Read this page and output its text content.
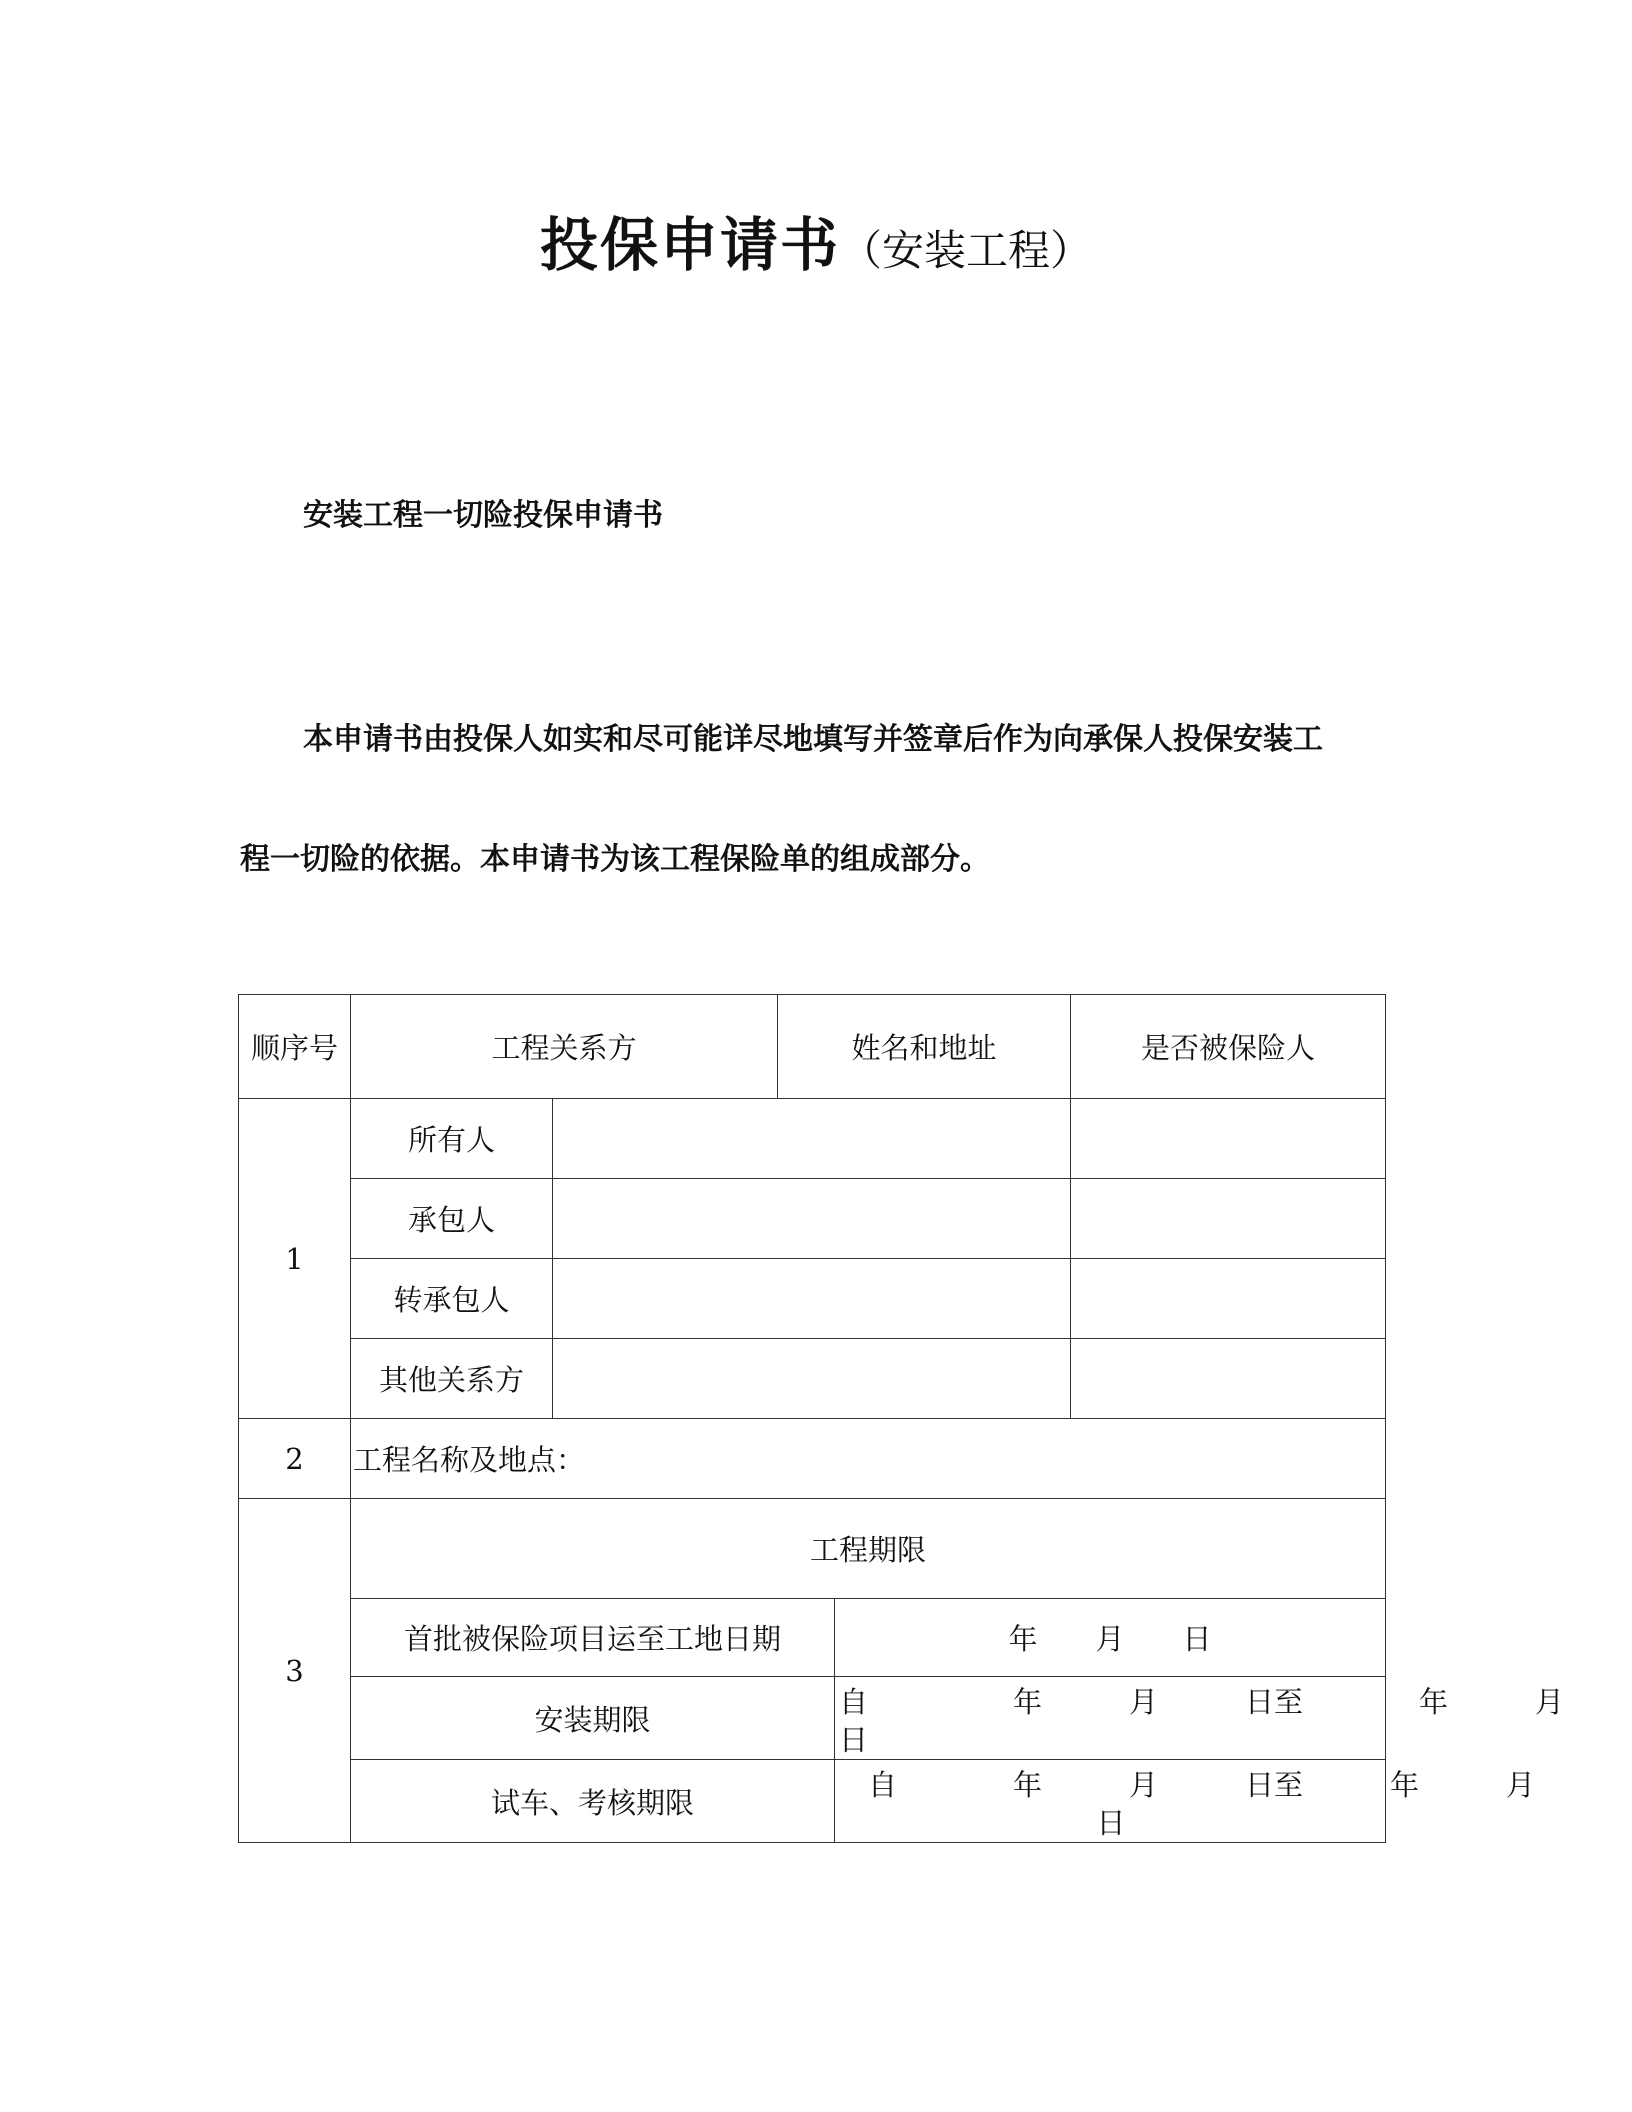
投保申请书（安装工程）
安装工程一切险投保申请书
本申请书由投保人如实和尽可能详尽地填写并签章后作为向承保人投保安装工
程一切险的依据。本申请书为该工程保险单的组成部分。
顺序号	工程关系方		姓名和地址		是否被保险人
1	所有人				
	承包人				
	转承包人				
	其他关系方				
2	工程名称及地点：				
3	工程期限				
	首批被保险项目运至工地日期			年　　月　　日	
	安装期限			自　　　　　年　　　月　　　日至　　　　年　　　月
日	

	试车、考核期限			　自　　　　年　　　月　　　日至　　　年　　　月
日	
